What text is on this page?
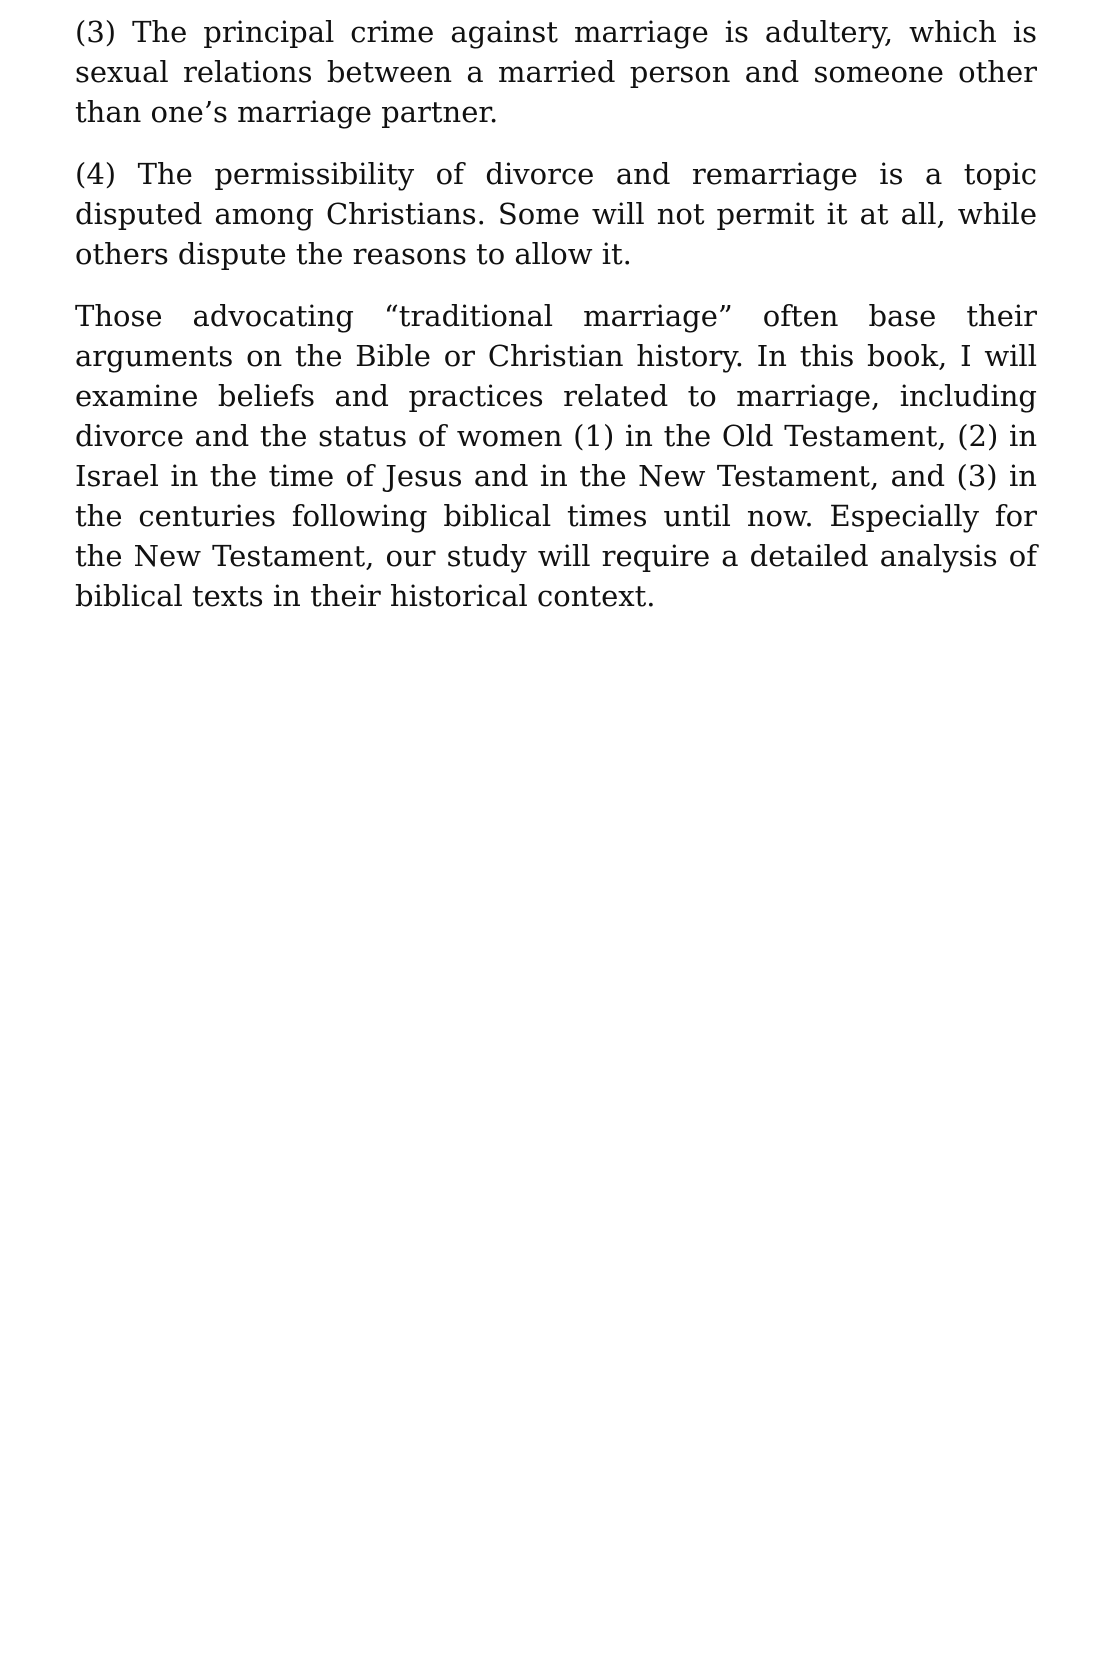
(3) The principal crime against marriage is adultery, which is sexual relations between a married person and someone other than one’s marriage partner.

(4) The permissibility of divorce and remarriage is a topic disputed among Christians. Some will not permit it at all, while others dispute the reasons to allow it.

Those advocating “traditional marriage” often base their arguments on the Bible or Christian history. In this book, I will examine beliefs and practices related to marriage, including divorce and the status of women (1) in the Old Testament, (2) in Israel in the time of Jesus and in the New Testament, and (3) in the centuries following biblical times until now. Especially for the New Testament, our study will require a detailed analysis of biblical texts in their historical context.
